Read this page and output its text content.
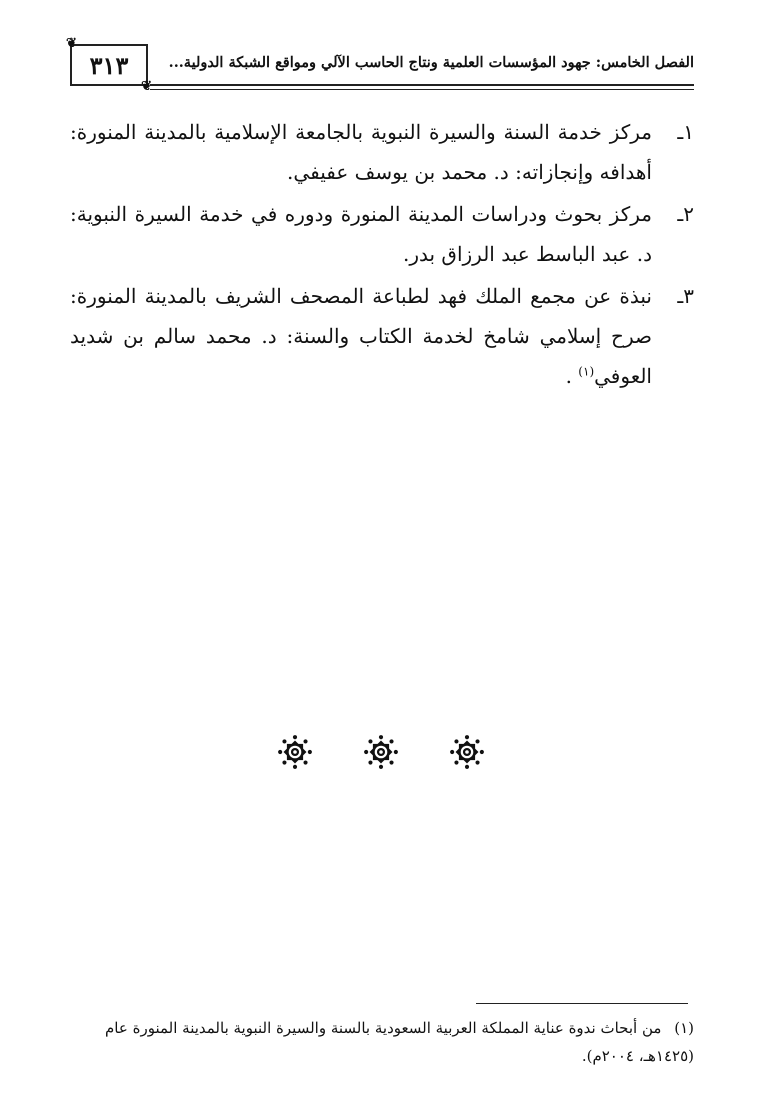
❦
٣١٣
❦
الفصل الخامس: جهود المؤسسات العلمية ونتاج الحاسب الآلي ومواقع الشبكة الدولية...
١ـ
مركز خدمة السنة والسيرة النبوية بالجامعة الإسلامية بالمدينة المنورة: أهدافه وإنجازاته: د. محمد بن يوسف عفيفي.
٢ـ
مركز بحوث ودراسات المدينة المنورة ودوره في خدمة السيرة النبوية: د. عبد الباسط عبد الرزاق بدر.
٣ـ
نبذة عن مجمع الملك فهد لطباعة المصحف الشريف بالمدينة المنورة: صرح إسلامي شامخ لخدمة الكتاب والسنة: د. محمد سالم بن شديد العوفي$^{(١)}$ .
(١) من أبحاث ندوة عناية المملكة العربية السعودية بالسنة والسيرة النبوية بالمدينة المنورة عام (١٤٢٥هـ، ٢٠٠٤م).
